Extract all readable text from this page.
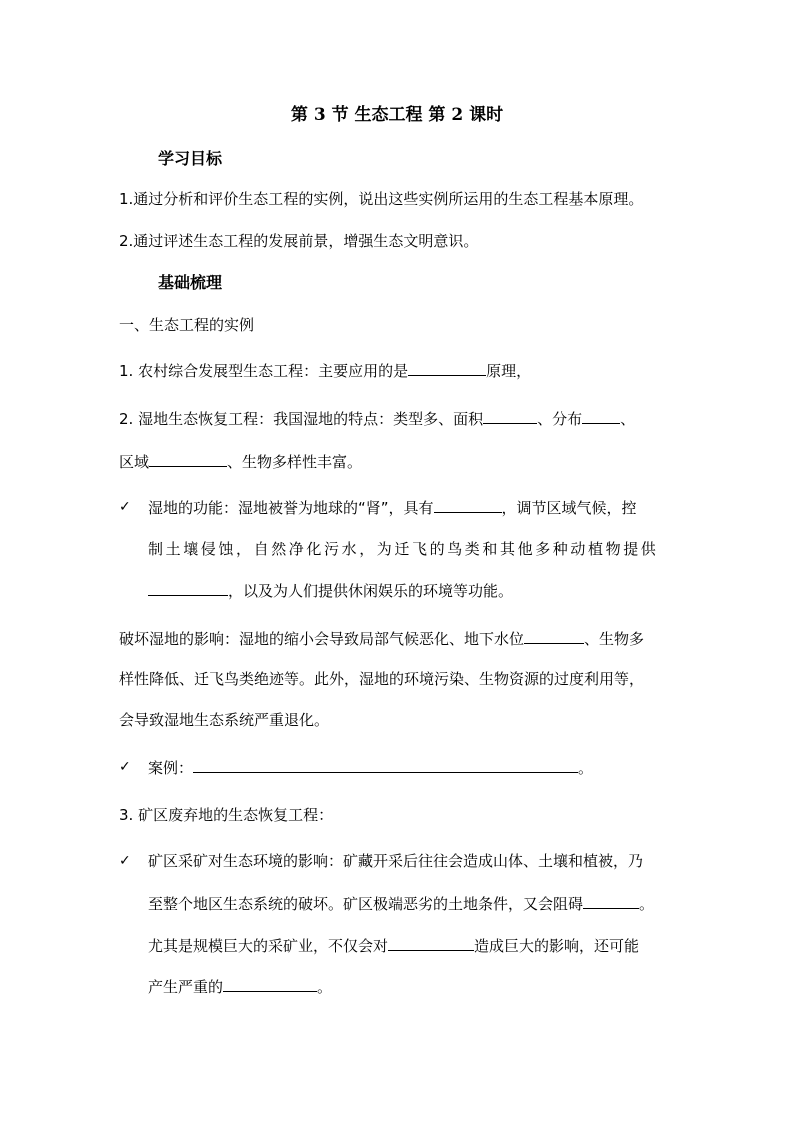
第 3 节 生态工程 第 2 课时
学习目标
1.通过分析和评价生态工程的实例，说出这些实例所运用的生态工程基本原理。
2.通过评述生态工程的发展前景，增强生态文明意识。
基础梳理
一、生态工程的实例
1. 农村综合发展型生态工程：主要应用的是	原理，
2. 湿地生态恢复工程：我国湿地的特点：类型多、面积	、分布	、
区域	、生物多样性丰富。
✓ 湿地的功能：湿地被誉为地球的“肾”，具有	，调节区域气候，控
制土壤侵蚀，自然净化污水，为迁飞的鸟类和其他多种动植物提供
，以及为人们提供休闲娱乐的环境等功能。
破坏湿地的影响：湿地的缩小会导致局部气候恶化、地下水位	、生物多
样性降低、迁飞鸟类绝迹等。此外，湿地的环境污染、生物资源的过度利用等，
会导致湿地生态系统严重退化。
✓ 案例：	。
3. 矿区废弃地的生态恢复工程：
✓ 矿区采矿对生态环境的影响：矿藏开采后往往会造成山体、土壤和植被，乃
至整个地区生态系统的破坏。矿区极端恶劣的土地条件，又会阻碍	。
尤其是规模巨大的采矿业，不仅会对	造成巨大的影响，还可能
产生严重的	。
